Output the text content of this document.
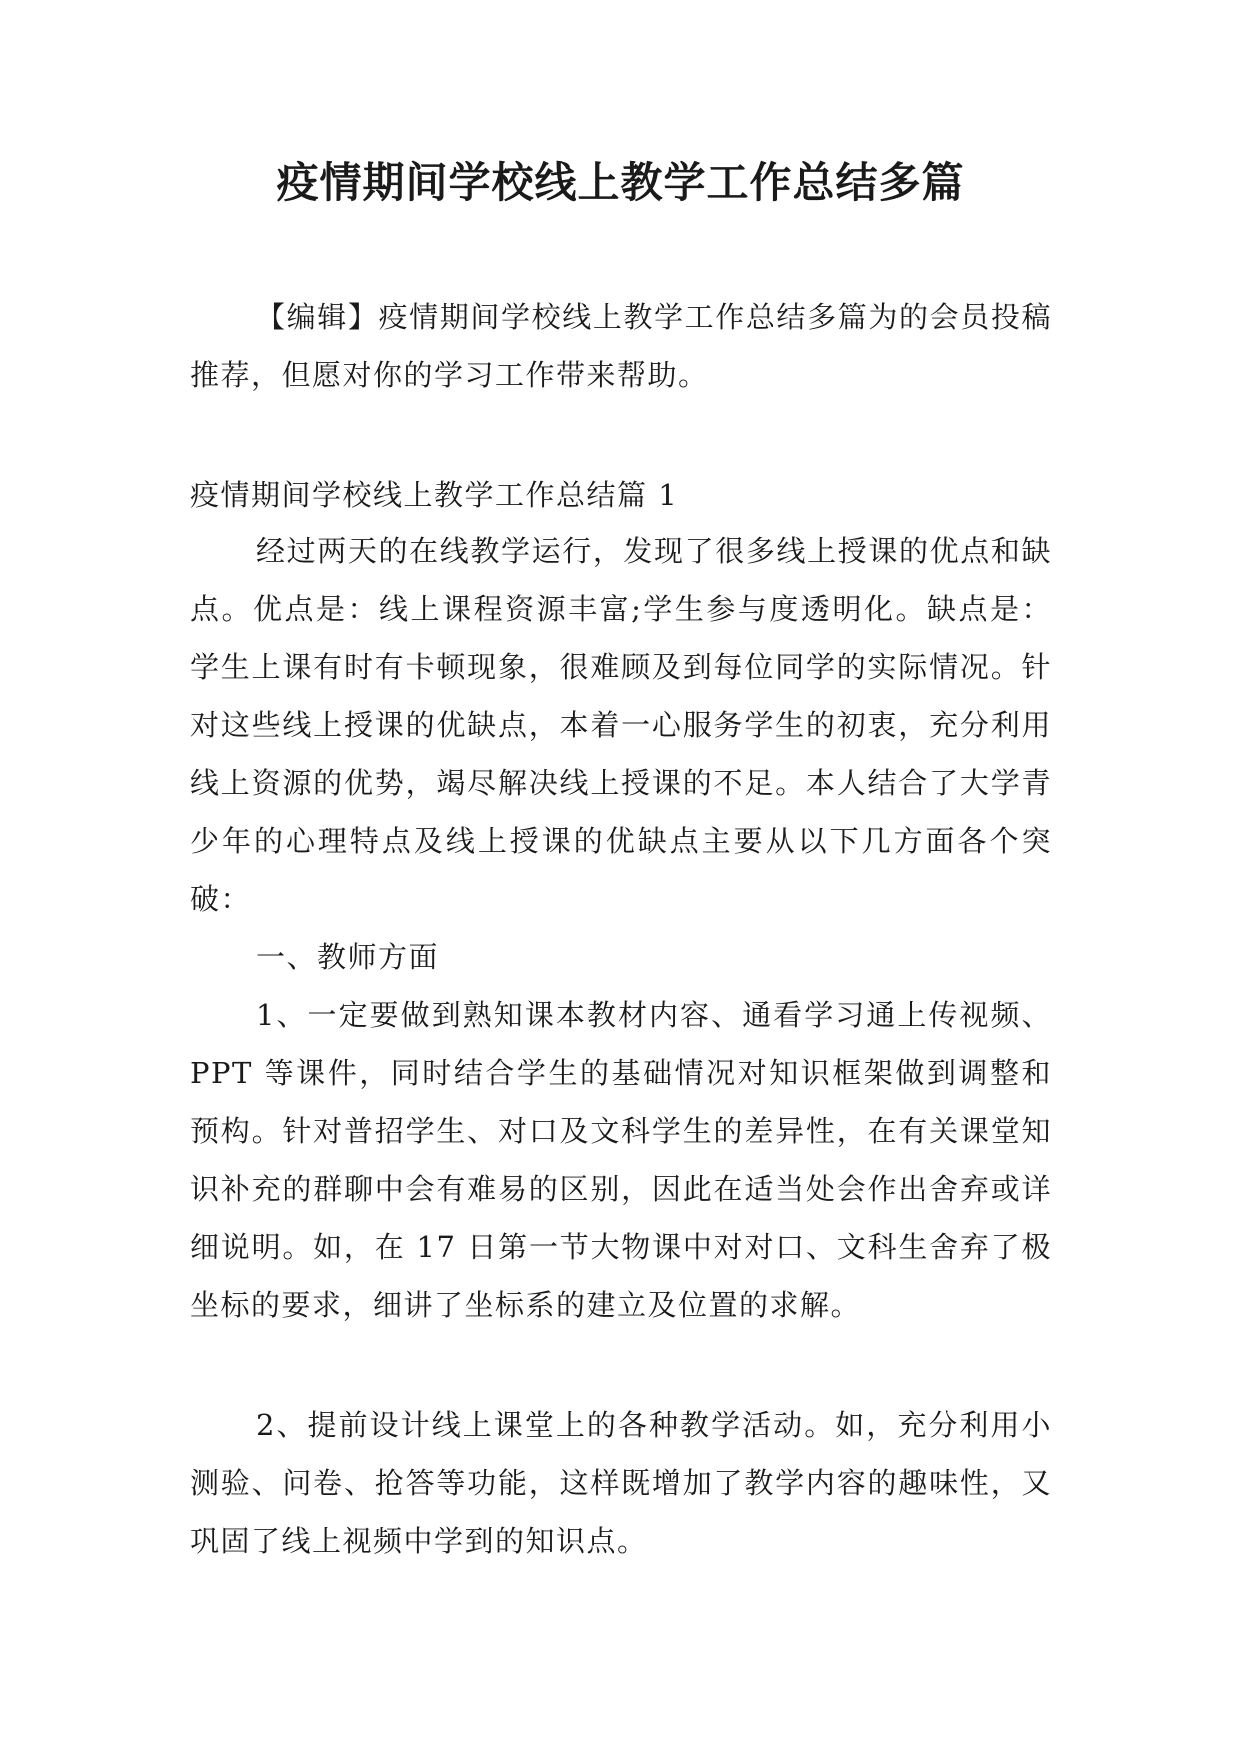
疫情期间学校线上教学工作总结多篇

【编辑】疫情期间学校线上教学工作总结多篇为的会员投稿推荐，但愿对你的学习工作带来帮助。

疫情期间学校线上教学工作总结篇 1

经过两天的在线教学运行，发现了很多线上授课的优点和缺点。优点是：线上课程资源丰富;学生参与度透明化。缺点是：学生上课有时有卡顿现象，很难顾及到每位同学的实际情况。针对这些线上授课的优缺点，本着一心服务学生的初衷，充分利用线上资源的优势，竭尽解决线上授课的不足。本人结合了大学青少年的心理特点及线上授课的优缺点主要从以下几方面各个突破：

一、教师方面

1、一定要做到熟知课本教材内容、通看学习通上传视频、PPT 等课件，同时结合学生的基础情况对知识框架做到调整和预构。针对普招学生、对口及文科学生的差异性，在有关课堂知识补充的群聊中会有难易的区别，因此在适当处会作出舍弃或详细说明。如，在 17 日第一节大物课中对对口、文科生舍弃了极坐标的要求，细讲了坐标系的建立及位置的求解。

2、提前设计线上课堂上的各种教学活动。如，充分利用小测验、问卷、抢答等功能，这样既增加了教学内容的趣味性，又巩固了线上视频中学到的知识点。
